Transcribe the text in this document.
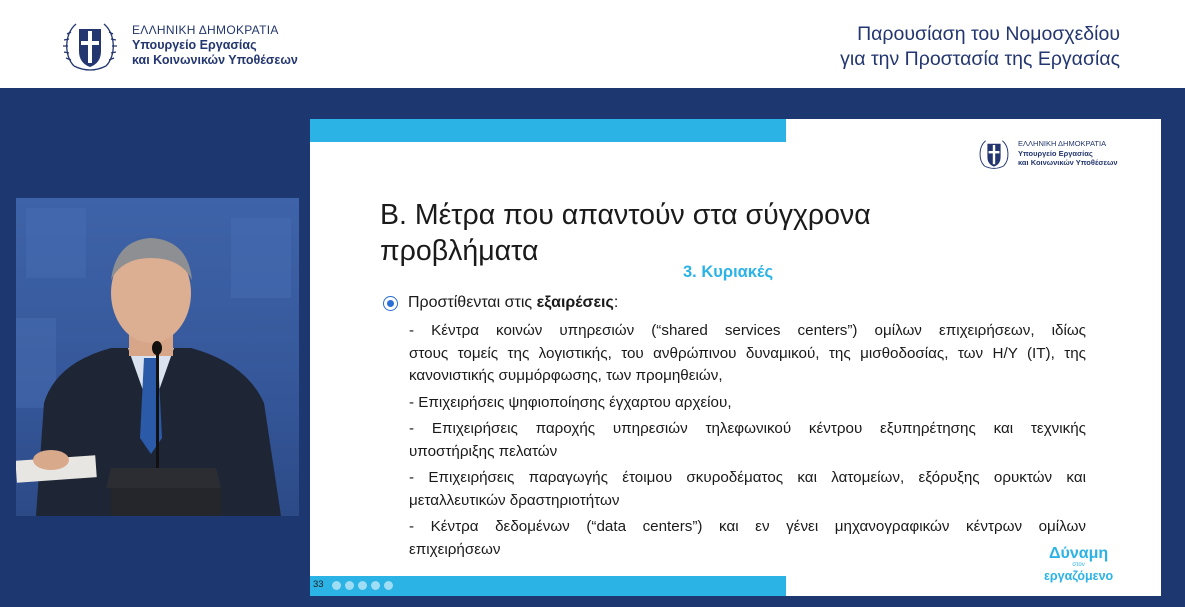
ΕΛΛΗΝΙΚΗ ΔΗΜΟΚΡΑΤΙΑ
Υπουργείο Εργασίας
και Κοινωνικών Υποθέσεων
Παρουσίαση του Νομοσχεδίου
για την Προστασία της Εργασίας
ΕΛΛΗΝΙΚΗ ΔΗΜΟΚΡΑΤΙΑ
Υπουργείο Εργασίας
και Κοινωνικών Υποθέσεων
Β. Μέτρα που απαντούν στα σύγχρονα
προβλήματα
3. Κυριακές
Προστίθενται στις εξαιρέσεις:
- Κέντρα κοινών υπηρεσιών (“shared services centers”) ομίλων επιχειρήσεων, ιδίως
στους τομείς της λογιστικής, του ανθρώπινου δυναμικού, της μισθοδοσίας, των Η/Υ (IT), της κανονιστικής συμμόρφωσης, των προμηθειών,
- Επιχειρήσεις ψηφιοποίησης έγχαρτου αρχείου,
- Επιχειρήσεις παροχής υπηρεσιών τηλεφωνικού κέντρου εξυπηρέτησης και τεχνικής
υποστήριξης πελατών
- Επιχειρήσεις παραγωγής έτοιμου σκυροδέματος και λατομείων, εξόρυξης ορυκτών και
μεταλλευτικών δραστηριοτήτων
- Κέντρα δεδομένων (“data centers”) και εν γένει μηχανογραφικών κέντρων ομίλων
επιχειρήσεων	Δύναμη
στον
εργαζόμενο
33
